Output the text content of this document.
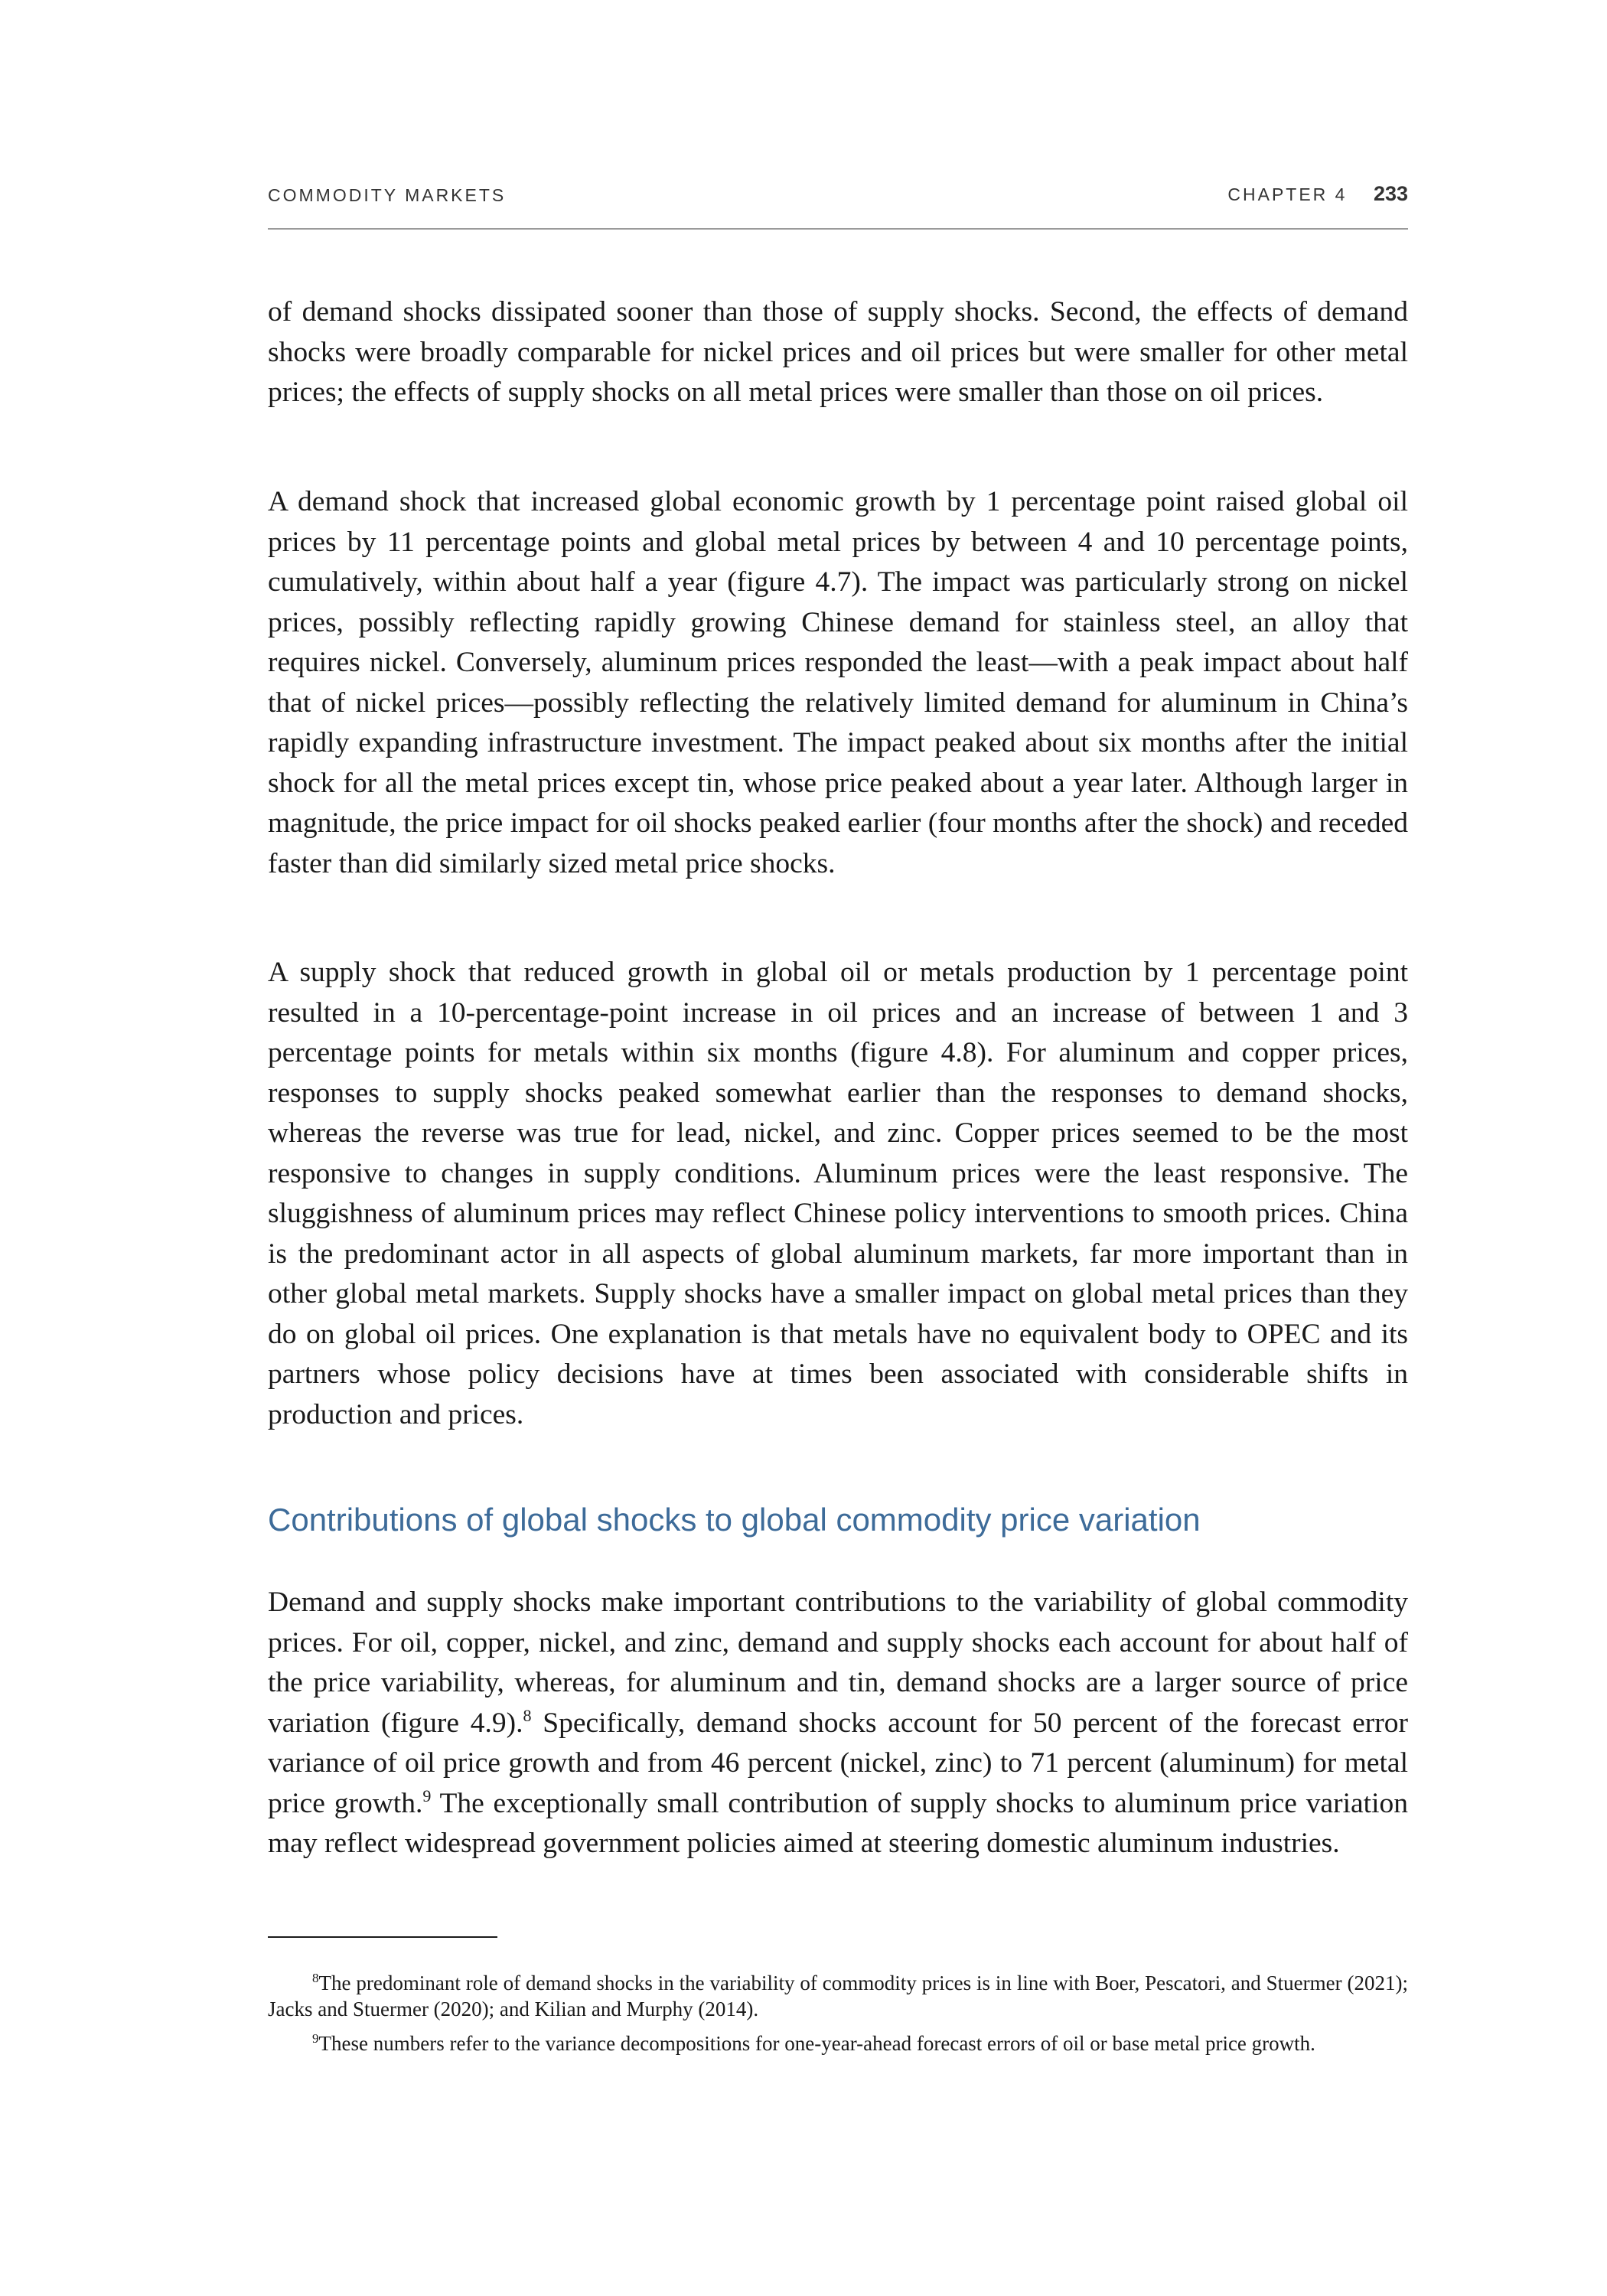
COMMODITY MARKETS	CHAPTER 4 233

of demand shocks dissipated sooner than those of supply shocks. Second, the effects of demand shocks were broadly comparable for nickel prices and oil prices but were smaller for other metal prices; the effects of supply shocks on all metal prices were smaller than those on oil prices.

A demand shock that increased global economic growth by 1 percentage point raised global oil prices by 11 percentage points and global metal prices by between 4 and 10 percentage points, cumulatively, within about half a year (figure 4.7). The impact was particularly strong on nickel prices, possibly reflecting rapidly growing Chinese demand for stainless steel, an alloy that requires nickel. Conversely, aluminum prices responded the least—with a peak impact about half that of nickel prices—possibly reflecting the relatively limited demand for aluminum in China’s rapidly expanding infrastructure investment. The impact peaked about six months after the initial shock for all the metal prices except tin, whose price peaked about a year later. Although larger in magnitude, the price impact for oil shocks peaked earlier (four months after the shock) and receded faster than did similarly sized metal price shocks.

A supply shock that reduced growth in global oil or metals production by 1 percentage point resulted in a 10-percentage-point increase in oil prices and an increase of between 1 and 3 percentage points for metals within six months (figure 4.8). For aluminum and copper prices, responses to supply shocks peaked somewhat earlier than the responses to demand shocks, whereas the reverse was true for lead, nickel, and zinc. Copper prices seemed to be the most responsive to changes in supply conditions. Aluminum prices were the least responsive. The sluggishness of aluminum prices may reflect Chinese policy interventions to smooth prices. China is the predominant actor in all aspects of global aluminum markets, far more important than in other global metal markets. Supply shocks have a smaller impact on global metal prices than they do on global oil prices. One explanation is that metals have no equivalent body to OPEC and its partners whose policy decisions have at times been associated with considerable shifts in production and prices.

Contributions of global shocks to global commodity price variation

Demand and supply shocks make important contributions to the variability of global commodity prices. For oil, copper, nickel, and zinc, demand and supply shocks each account for about half of the price variability, whereas, for aluminum and tin, demand shocks are a larger source of price variation (figure 4.9).$^8$ Specifically, demand shocks account for 50 percent of the forecast error variance of oil price growth and from 46 percent (nickel, zinc) to 71 percent (aluminum) for metal price growth.$^9$ The exceptionally small contribution of supply shocks to aluminum price variation may reflect widespread government policies aimed at steering domestic aluminum industries.

$^8$The predominant role of demand shocks in the variability of commodity prices is in line with Boer, Pescatori, and Stuermer (2021); Jacks and Stuermer (2020); and Kilian and Murphy (2014).

$^9$These numbers refer to the variance decompositions for one-year-ahead forecast errors of oil or base metal price growth.
